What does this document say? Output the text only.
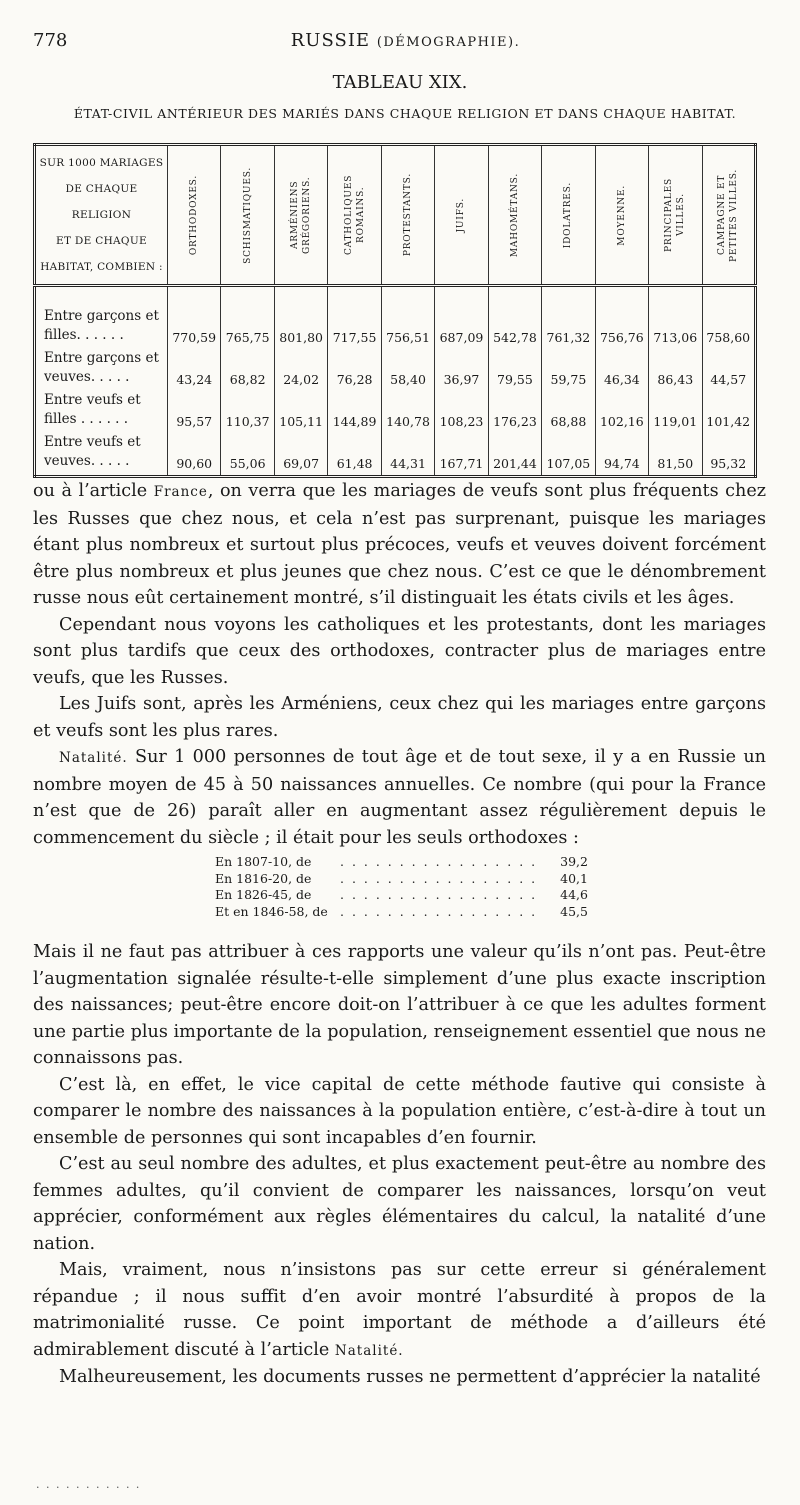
778	RUSSIE (DÉMOGRAPHIE).
TABLEAU XIX.
ÉTAT-CIVIL ANTÉRIEUR DES MARIÉS DANS CHAQUE RELIGION ET DANS CHAQUE HABITAT.
SUR 1000 MARIAGES
DE CHAQUE RELIGION
ET DE CHAQUE
HABITAT, COMBIEN :	ORTHODOXES.	SCHISMATIQUES.	ARMÉNIENS GRÉGORIENS.	CATHOLIQUES ROMAINS.	PROTESTANTS.	JUIFS.	MAHOMÉTANS.	IDOLATRES.	MOYENNE.	PRINCIPALES VILLES.	CAMPAGNE ET PETITES VILLES.

Entre garçons et filles. . . . . .	770,59	765,75	801,80	717,55	756,51	687,09	542,78	761,32	756,76	713,06	758,60
Entre garçons et veuves. . . . .	43,24	68,82	24,02	76,28	58,40	36,97	79,55	59,75	46,34	86,43	44,57
Entre veufs et filles . . . . . .	95,57	110,37	105,11	144,89	140,78	108,23	176,23	68,88	102,16	119,01	101,42
Entre veufs et veuves. . . . .	90,60	55,06	69,07	61,48	44,31	167,71	201,44	107,05	94,74	81,50	95,32

ou à l’article France, on verra que les mariages de veufs sont plus fréquents chez les Russes que chez nous, et cela n’est pas surprenant, puisque les mariages étant plus nombreux et surtout plus précoces, veufs et veuves doivent forcément être plus nombreux et plus jeunes que chez nous. C’est ce que le dénombrement russe nous eût certainement montré, s’il distinguait les états civils et les âges.

Cependant nous voyons les catholiques et les protestants, dont les mariages sont plus tardifs que ceux des orthodoxes, contracter plus de mariages entre veufs, que les Russes.

Les Juifs sont, après les Arméniens, ceux chez qui les mariages entre garçons et veufs sont les plus rares.

Natalité. Sur 1 000 personnes de tout âge et de tout sexe, il y a en Russie un nombre moyen de 45 à 50 naissances annuelles. Ce nombre (qui pour la France n’est que de 26) paraît aller en augmentant assez régulièrement depuis le commencement du siècle ; il était pour les seuls orthodoxes :

En 1807-10, de	. . . . . . . . . . . . . . . . .	39,2
En 1816-20, de	. . . . . . . . . . . . . . . . .	40,1
En 1826-45, de	. . . . . . . . . . . . . . . . .	44,6
Et en 1846-58, de . . . . . . . . . . . . . . . . .	45,5

Mais il ne faut pas attribuer à ces rapports une valeur qu’ils n’ont pas. Peut-être l’augmentation signalée résulte-t-elle simplement d’une plus exacte inscription des naissances; peut-être encore doit-on l’attribuer à ce que les adultes forment une partie plus importante de la population, renseignement essentiel que nous ne connaissons pas.

C’est là, en effet, le vice capital de cette méthode fautive qui consiste à comparer le nombre des naissances à la population entière, c’est-à-dire à tout un ensemble de personnes qui sont incapables d’en fournir.

C’est au seul nombre des adultes, et plus exactement peut-être au nombre des femmes adultes, qu’il convient de comparer les naissances, lorsqu’on veut apprécier, conformément aux règles élémentaires du calcul, la natalité d’une nation.

Mais, vraiment, nous n’insistons pas sur cette erreur si généralement répandue ; il nous suffit d’en avoir montré l’absurdité à propos de la matrimonialité russe. Ce point important de méthode a d’ailleurs été admirablement discuté à l’article Natalité.

Malheureusement, les documents russes ne permettent d’apprécier la natalité

. . . . . . . . . . .
